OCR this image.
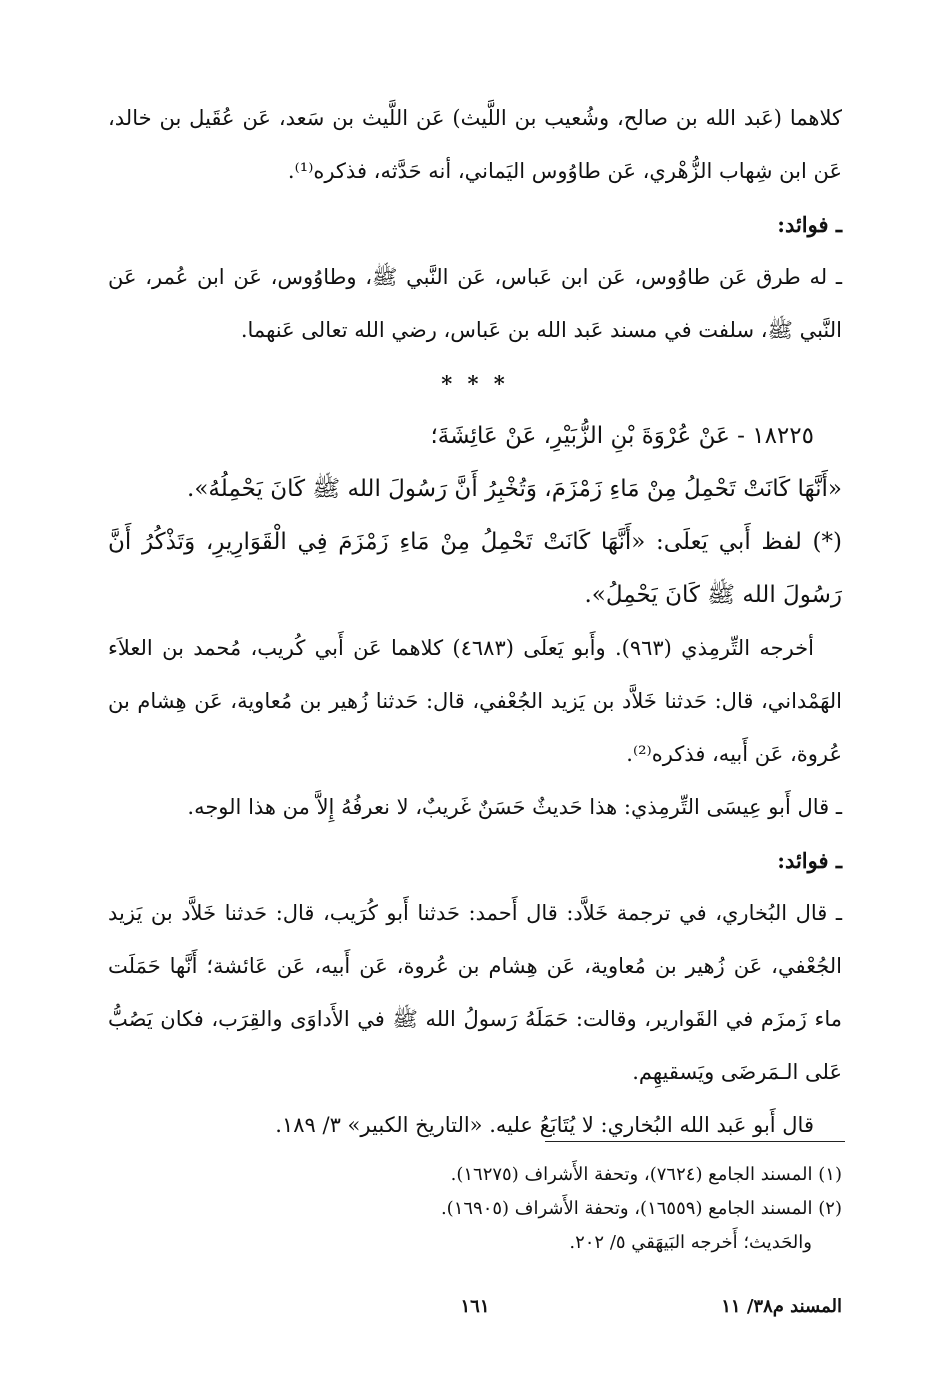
كلاهما (عَبد الله بن صالح، وشُعيب بن اللَّيث) عَن اللَّيث بن سَعد، عَن عُقَيل بن خالد، عَن ابن شِهاب الزُّهْري، عَن طاوُوس اليَماني، أنه حَدَّثه، فذكره⁽¹⁾.

ـ فوائد:

ـ له طرق عَن طاوُوس، عَن ابن عَباس، عَن النَّبي ﷺ، وطاوُوس، عَن ابن عُمر، عَن النَّبي ﷺ، سلفت في مسند عَبد الله بن عَباس، رضي الله تعالى عَنهما.

* * *

١٨٢٢٥ - عَنْ عُرْوَةَ بْنِ الزُّبَيْرِ، عَنْ عَائِشَةَ؛

«أَنَّهَا كَانَتْ تَحْمِلُ مِنْ مَاءِ زَمْزَمَ، وَتُخْبِرُ أَنَّ رَسُولَ الله ﷺ كَانَ يَحْمِلُهُ».

(*) لفظ أَبي يَعلَى: «أَنَّهَا كَانَتْ تَحْمِلُ مِنْ مَاءِ زَمْزَمَ فِي الْقَوَارِيرِ، وَتَذْكُرُ أَنَّ رَسُولَ الله ﷺ كَانَ يَحْمِلُ».

أخرجه التِّرمِذي (٩٦٣). وأَبو يَعلَى (٤٦٨٣) كلاهما عَن أَبي كُريب، مُحمد بن العلاَء الهَمْداني، قال: حَدثنا خَلاَّد بن يَزيد الجُعْفي، قال: حَدثنا زُهير بن مُعاوية، عَن هِشام بن عُروة، عَن أَبيه، فذكره⁽²⁾.

ـ قال أَبو عِيسَى التِّرمِذي: هذا حَديثٌ حَسَنٌ غَريبٌ، لا نعرفُهُ إِلاَّ من هذا الوجه.

ـ فوائد:

ـ قال البُخاري، في ترجمة خَلاَّد: قال أَحمد: حَدثنا أَبو كُرَيب، قال: حَدثنا خَلاَّد بن يَزيد الجُعْفي، عَن زُهير بن مُعاوية، عَن هِشام بن عُروة، عَن أَبيه، عَن عَائشة؛ أَنَّها حَمَلَت ماء زَمزَم في القَوارير، وقالت: حَمَلَهُ رَسولُ الله ﷺ في الأَداوَى والقِرَب، فكان يَصُبُّ عَلى الـمَرضَى ويَسقيهِم.

قال أَبو عَبد الله البُخاري: لا يُتَابَعُ عليه. «التاريخ الكبير» ٣/ ١٨٩.

(١) المسند الجامع (٧٦٢٤)، وتحفة الأَشراف (١٦٢٧٥).

(٢) المسند الجامع (١٦٥٥٩)، وتحفة الأَشراف (١٦٩٠٥).

والحَديث؛ أَخرجه البَيهَقي ٥/ ٢٠٢.

المسند م٣٨/ ١١
١٦١
